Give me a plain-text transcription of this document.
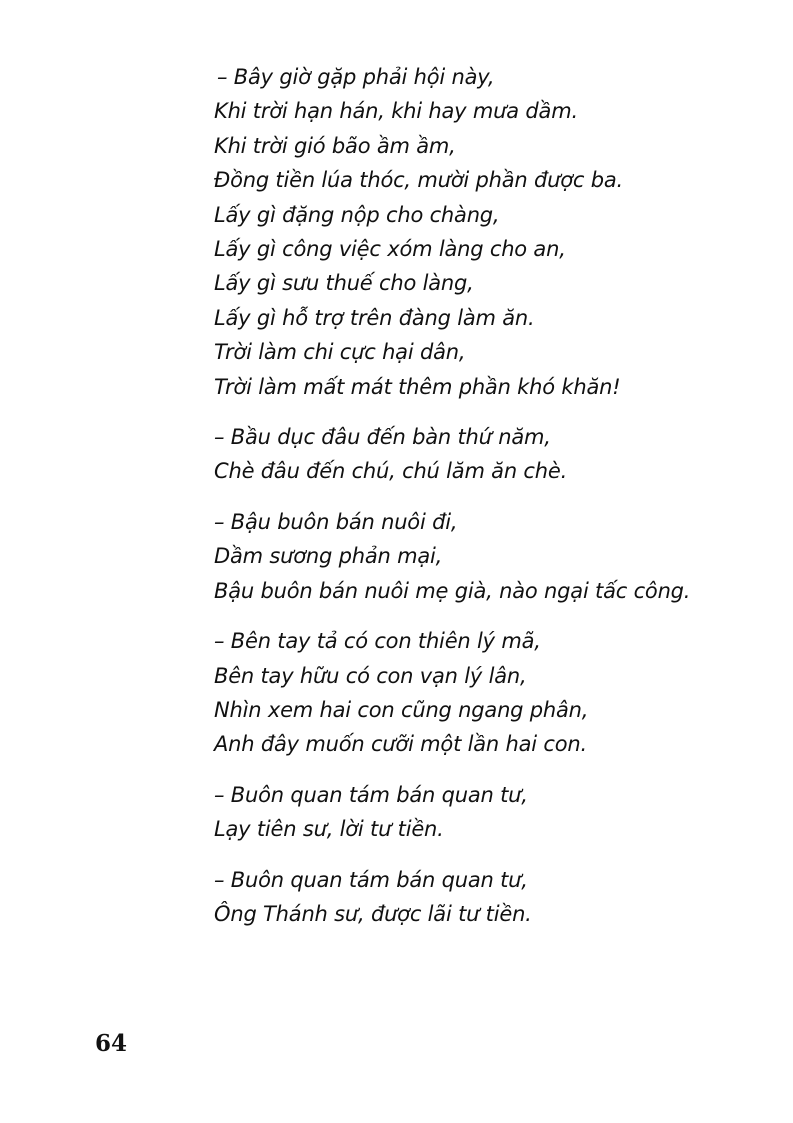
– Bây giờ gặp phải hội này,
Khi trời hạn hán, khi hay mưa dầm.
Khi trời gió bão ầm ầm,
Đồng tiền lúa thóc, mười phần được ba.
Lấy gì đặng nộp cho chàng,
Lấy gì công việc xóm làng cho an,
Lấy gì sưu thuế cho làng,
Lấy gì hỗ trợ trên đàng làm ăn.
Trời làm chi cực hại dân,
Trời làm mất mát thêm phần khó khăn!
– Bầu dục đâu đến bàn thứ năm,
Chè đâu đến chú, chú lăm ăn chè.
– Bậu buôn bán nuôi đi,
Dầm sương phản mại,
Bậu buôn bán nuôi mẹ già, nào ngại tấc công.
– Bên tay tả có con thiên lý mã,
Bên tay hữu có con vạn lý lân,
Nhìn xem hai con cũng ngang phân,
Anh đây muốn cưỡi một lần hai con.
– Buôn quan tám bán quan tư,
Lạy tiên sư, lời tư tiền.
– Buôn quan tám bán quan tư,
Ông Thánh sư, được lãi tư tiền.
64
